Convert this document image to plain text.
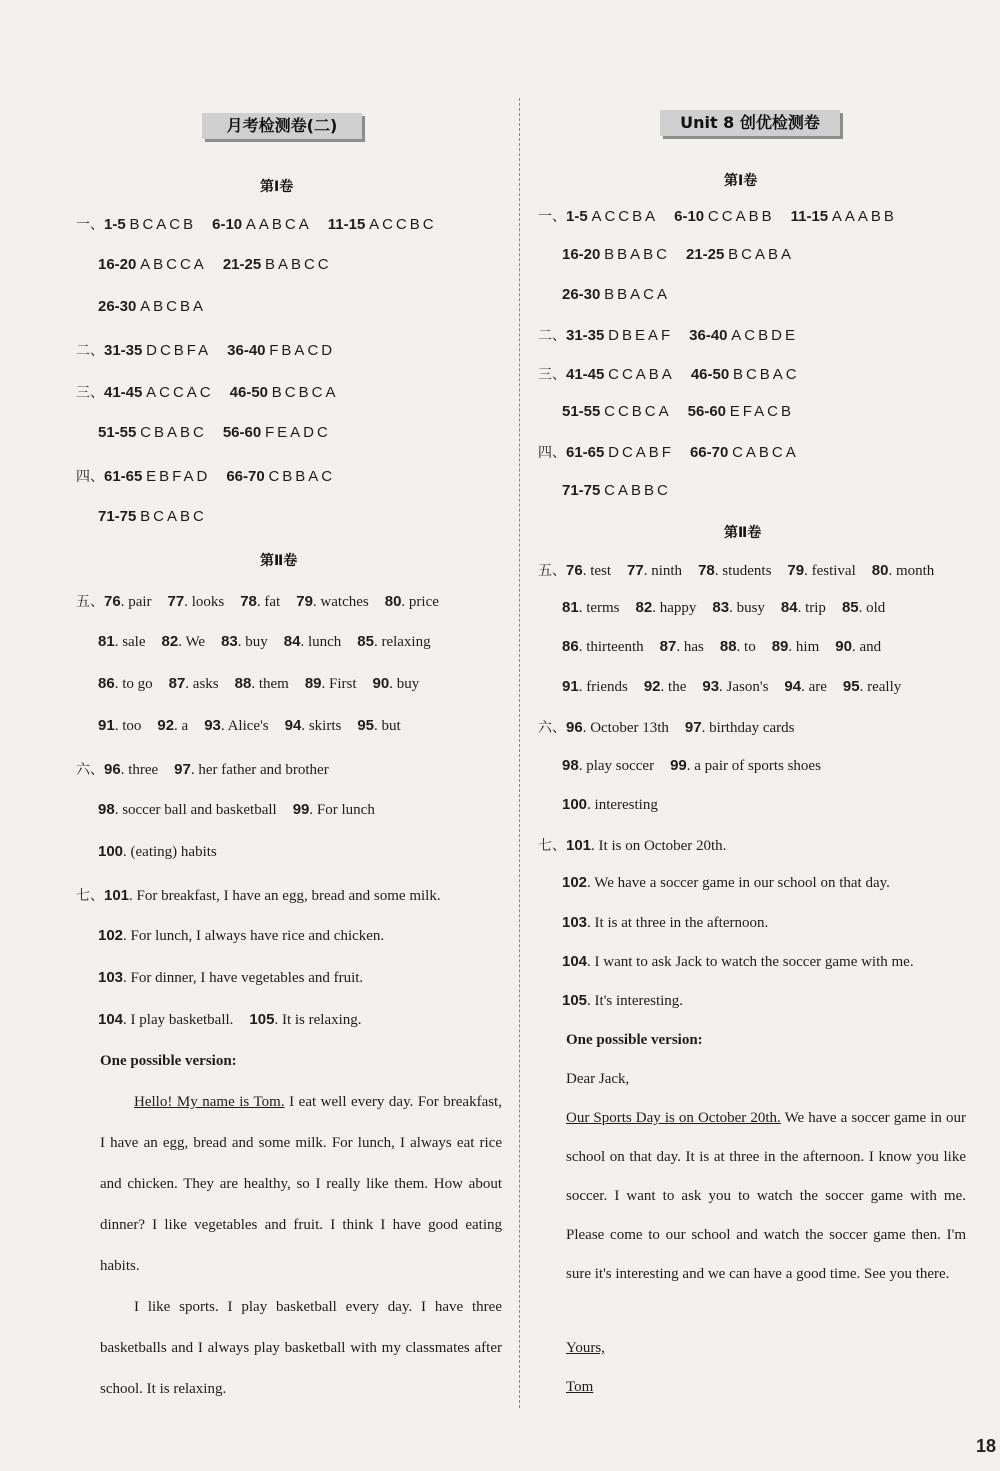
月考检测卷(二)
第Ⅰ卷
一、1-5 BCACB 6-10 AABCA 11-15 ACCBC
16-20 ABCCA 21-25 BABCC
26-30 ABCBA
二、31-35 DCBFA 36-40 FBACD
三、41-45 ACCAC 46-50 BCBCA
51-55 CBABC 56-60 FEADC
四、61-65 EBFAD 66-70 CBBAC
71-75 BCABC
第Ⅱ卷
五、76. pair 77. looks 78. fat 79. watches 80. price
81. sale 82. We 83. buy 84. lunch 85. relaxing
86. to go 87. asks 88. them 89. First 90. buy
91. too 92. a 93. Alice's 94. skirts 95. but
六、96. three 97. her father and brother
98. soccer ball and basketball 99. For lunch
100. (eating) habits
七、101. For breakfast, I have an egg, bread and some milk.
102. For lunch, I always have rice and chicken.
103. For dinner, I have vegetables and fruit.
104. I play basketball. 105. It is relaxing.
One possible version:
Hello! My name is Tom. I eat well every day. For breakfast, I have an egg, bread and some milk. For lunch, I always eat rice and chicken. They are healthy, so I really like them. How about dinner? I like vegetables and fruit. I think I have good eating habits.
I like sports. I play basketball every day. I have three basketballs and I always play basketball with my classmates after school. It is relaxing.
Unit 8 创优检测卷
第Ⅰ卷
一、1-5 ACCBA 6-10 CCABB 11-15 AAABB
16-20 BBABC 21-25 BCABA
26-30 BBACA
二、31-35 DBEAF 36-40 ACBDE
三、41-45 CCABA 46-50 BCBAC
51-55 CCBCA 56-60 EFACB
四、61-65 DCABF 66-70 CABCA
71-75 CABBC
第Ⅱ卷
五、76. test 77. ninth 78. students 79. festival 80. month
81. terms 82. happy 83. busy 84. trip 85. old
86. thirteenth 87. has 88. to 89. him 90. and
91. friends 92. the 93. Jason's 94. are 95. really
六、96. October 13th 97. birthday cards
98. play soccer 99. a pair of sports shoes
100. interesting
七、101. It is on October 20th.
102. We have a soccer game in our school on that day.
103. It is at three in the afternoon.
104. I want to ask Jack to watch the soccer game with me.
105. It's interesting.
One possible version:
Dear Jack,
Our Sports Day is on October 20th. We have a soccer game in our school on that day. It is at three in the afternoon. I know you like soccer. I want to ask you to watch the soccer game with me. Please come to our school and watch the soccer game then. I'm sure it's interesting and we can have a good time. See you there.
Yours,
Tom
18
